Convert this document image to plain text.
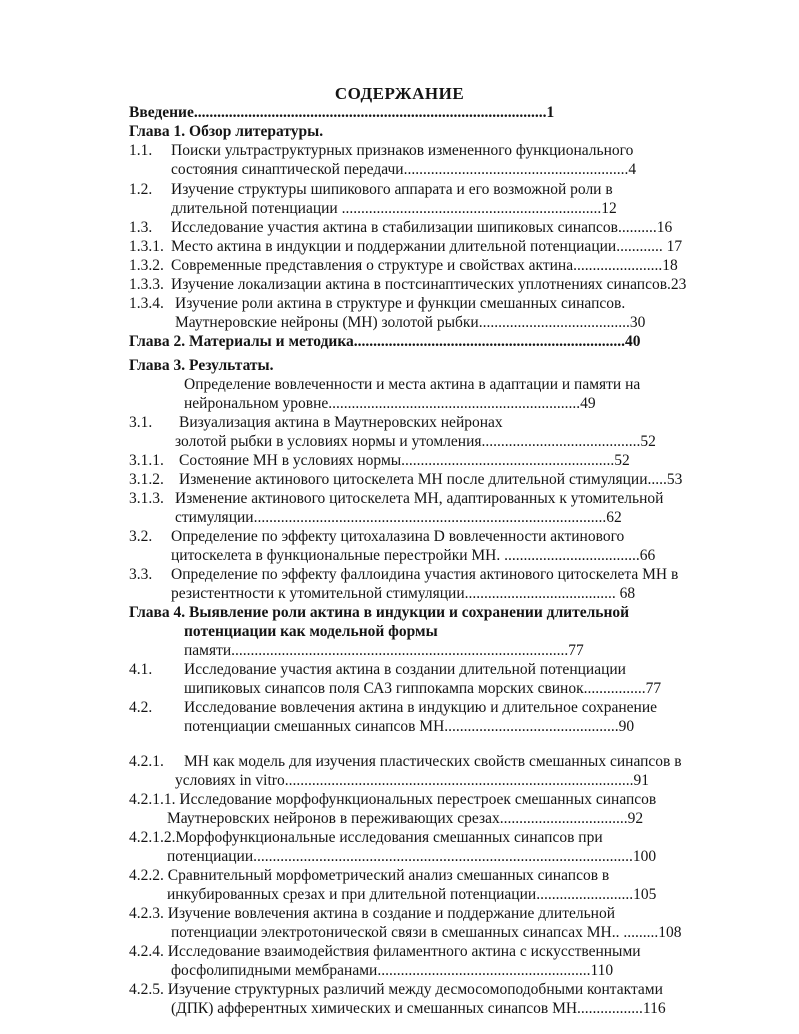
СОДЕРЖАНИЕ
Введение...........................................................................................1
Глава 1. Обзор литературы.
1.1. Поиски ультраструктурных признаков измененного функционального
состояния синаптической передачи..........................................................4
1.2. Изучение структуры шипикового аппарата и его возможной роли в
длительной потенциации ...................................................................12
1.3. Исследование участия актина в стабилизации шипиковых синапсов..........16
1.3.1. Место актина в индукции и поддержании длительной потенциации............ 17
1.3.2. Современные представления о структуре и свойствах актина.......................18
1.3.3. Изучение локализации актина в постсинаптических уплотнениях синапсов.23
1.3.4. Изучение роли актина в структуре и функции смешанных синапсов.
Маутнеровские нейроны (МН) золотой рыбки.......................................30
Глава 2. Материалы и методика......................................................................40
Глава 3. Результаты.
Определение вовлеченности и места актина в адаптации и памяти на
нейрональном уровне.................................................................49
3.1. Визуализация актина в Маутнеровских нейронах
золотой рыбки в условиях нормы и утомления.........................................52
3.1.1. Состояние МН в условиях нормы.......................................................52
3.1.2. Изменение актинового цитоскелета МН после длительной стимуляции.....53
3.1.3. Изменение актинового цитоскелета МН, адаптированных к утомительной
стимуляции...........................................................................................62
3.2. Определение по эффекту цитохалазина D вовлеченности актинового
цитоскелета в функциональные перестройки МН. ...................................66
3.3. Определение по эффекту фаллоидина участия актинового цитоскелета МН в
резистентности к утомительной стимуляции....................................... 68
Глава 4. Выявление роли актина в индукции и сохранении длительной
потенциации как модельной формы
памяти.......................................................................................77
4.1. Исследование участия актина в создании длительной потенциации
шипиковых синапсов поля СА3 гиппокампа морских свинок................77
4.2. Исследование вовлечения актина в индукцию и длительное сохранение
потенциации смешанных синапсов МН.............................................90
4.2.1. МН как модель для изучения пластических свойств смешанных синапсов в
условиях in vitro..........................................................................................91
4.2.1.1. Исследование морфофункциональных перестроек смешанных синапсов
Маутнеровских нейронов в переживающих срезах.................................92
4.2.1.2.Морфофункциональные исследования смешанных синапсов при
потенциации..................................................................................................100
4.2.2. Сравнительный морфометрический анализ смешанных синапсов в
инкубированных срезах и при длительной потенциации.........................105
4.2.3. Изучение вовлечения актина в создание и поддержание длительной
потенциации электротонической связи в смешанных синапсах МН.. .........108
4.2.4. Исследование взаимодействия филаментного актина с искусственными
фосфолипидными мембранами.......................................................110
4.2.5. Изучение структурных различий между десмосомоподобными контактами
(ДПК) афферентных химических и смешанных синапсов МН.................116
